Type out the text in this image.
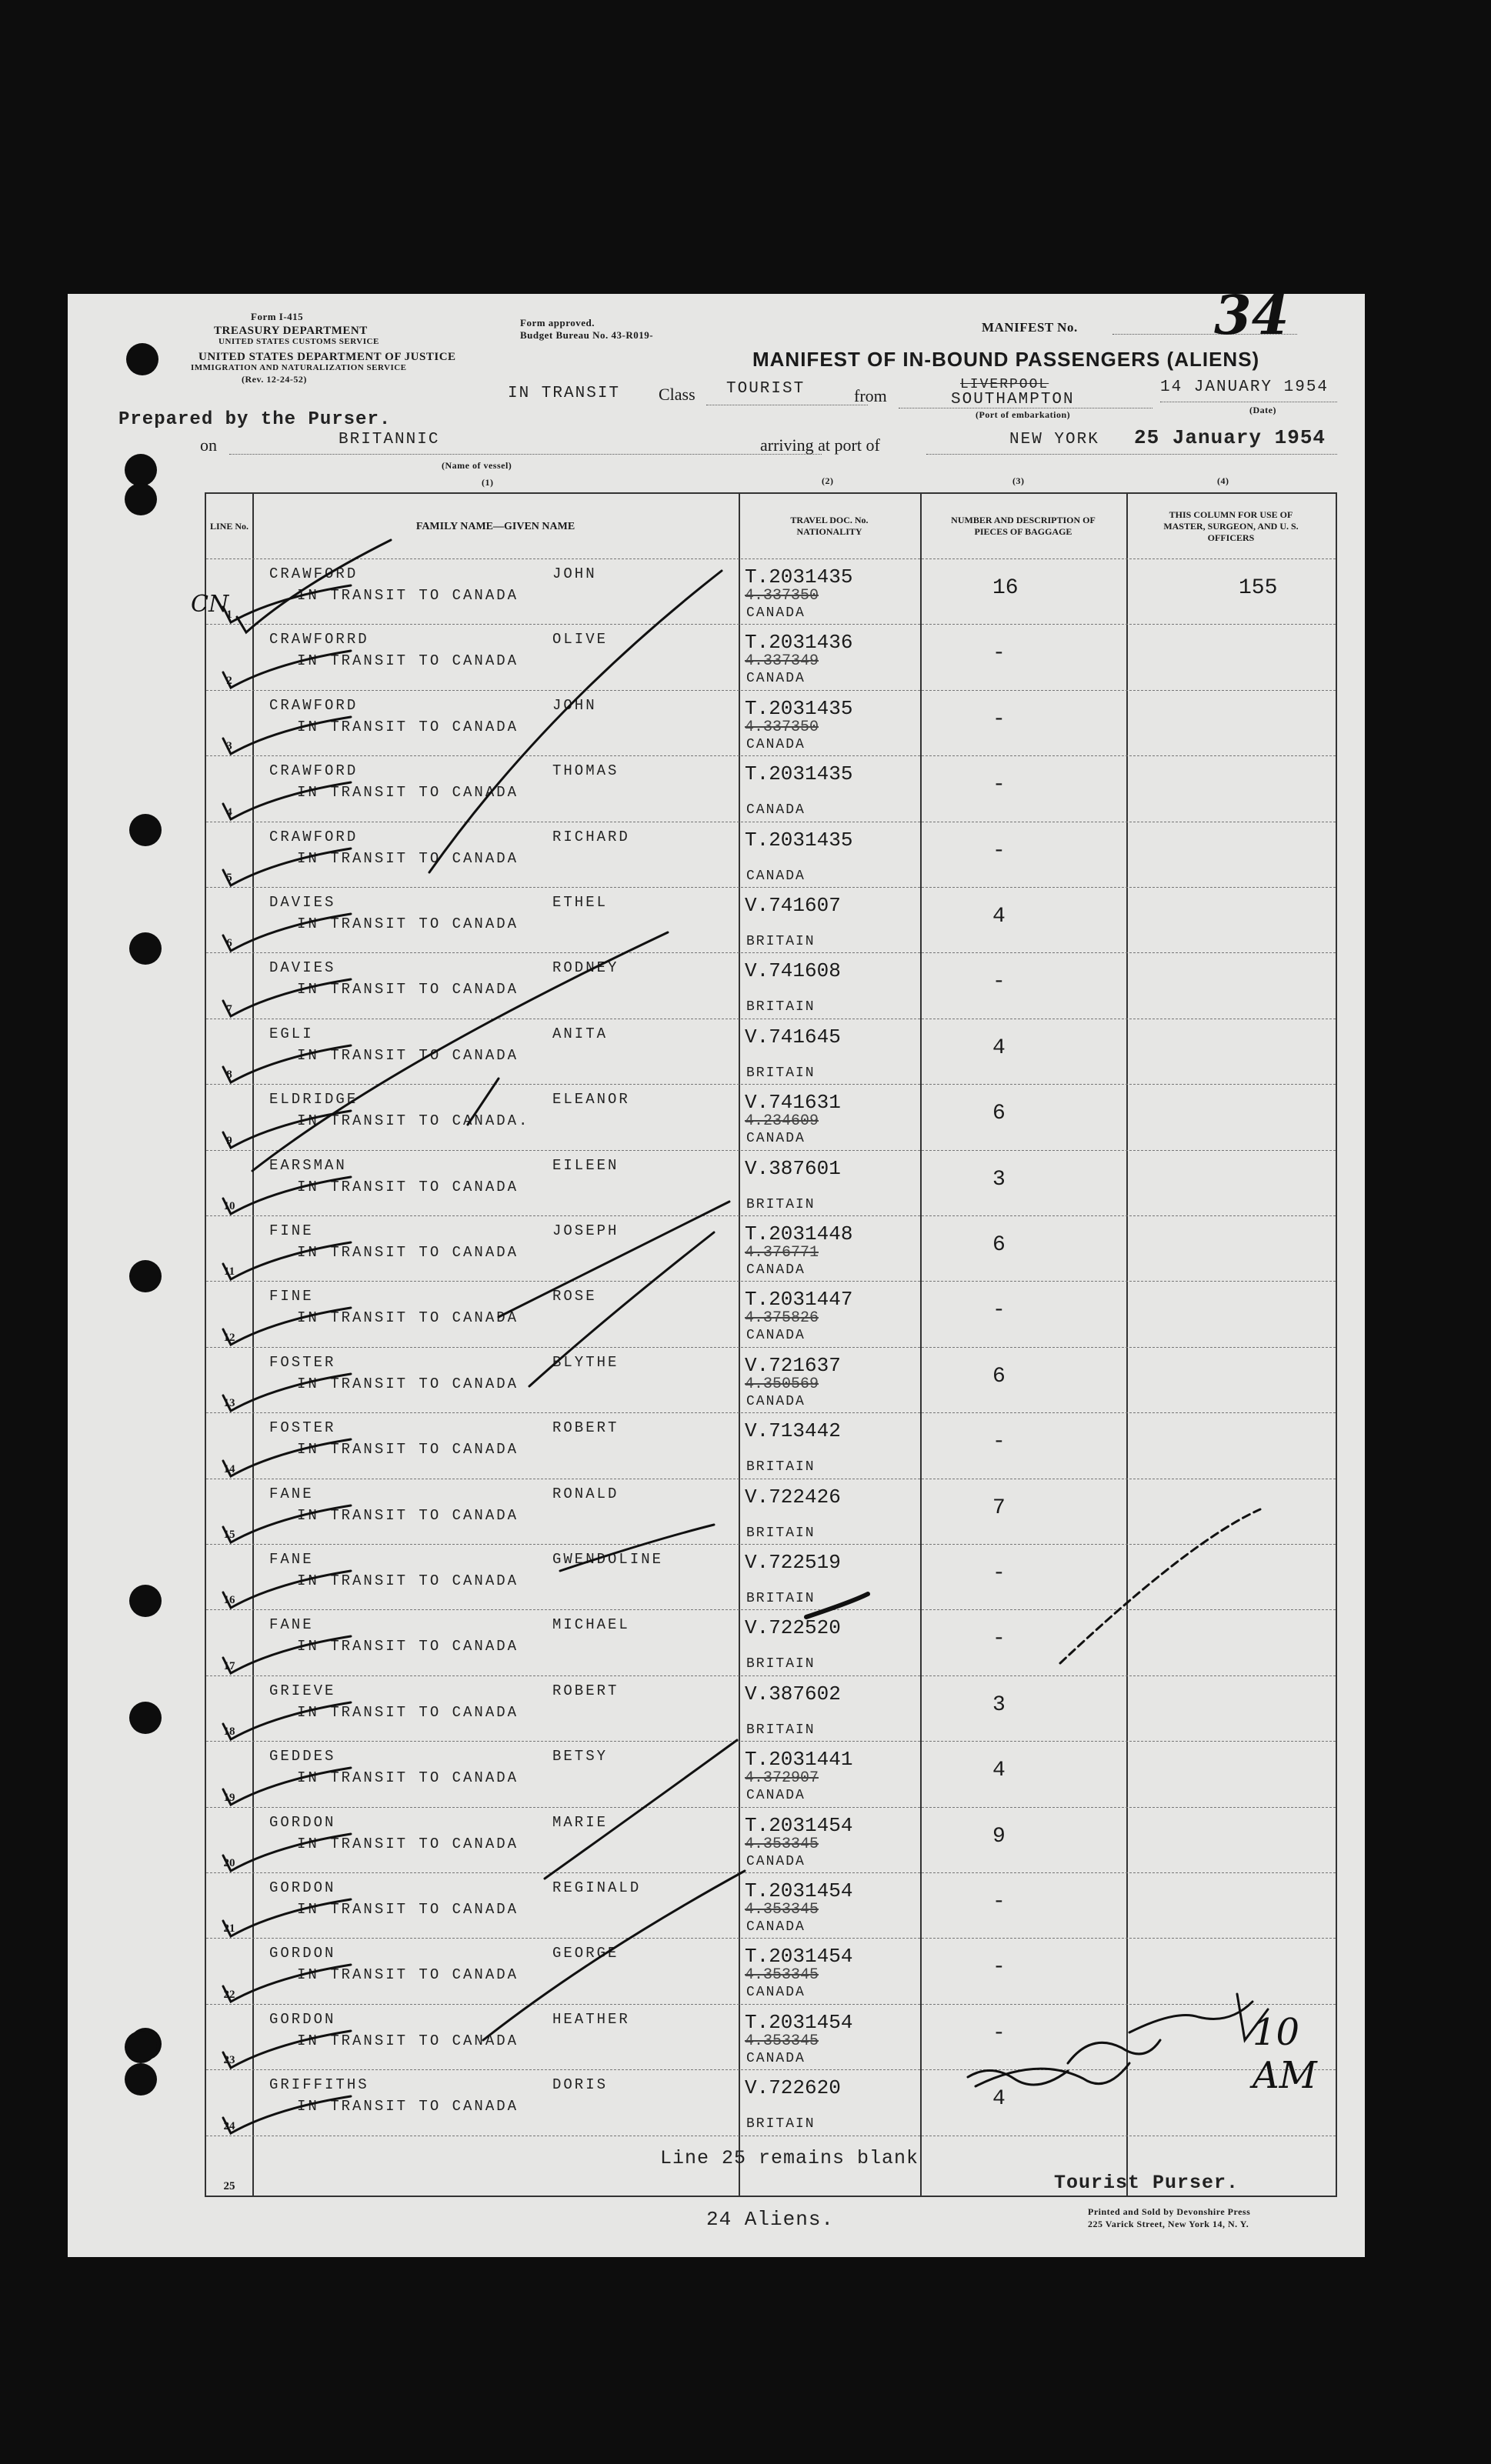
Form I-415
TREASURY DEPARTMENT
UNITED STATES CUSTOMS SERVICE
UNITED STATES DEPARTMENT OF JUSTICE
IMMIGRATION AND NATURALIZATION SERVICE
(Rev. 12-24-52)
Form approved.
Budget Bureau No. 43-R019-
MANIFEST No.	34
MANIFEST OF IN-BOUND PASSENGERS (ALIENS)
IN TRANSIT Class TOURIST	from
LIVERPOOL
SOUTHAMPTON
(Port of embarkation)
14 JANUARY 1954
(Date)
Prepared by the Purser.
on	BRITANNIC
(Name of vessel)
arriving at port of	NEW YORK 25 January 1954
(1)	(2)	(3)	(4)
LINE No.	FAMILY NAME—GIVEN NAME
TRAVEL DOC. No. NATIONALITY
NUMBER AND DESCRIPTION OF PIECES OF BAGGAGE
THIS COLUMN FOR USE OF MASTER, SURGEON, AND U. S. OFFICERS
1
CRAWFORD	JOHN
IN TRANSIT TO CANADA
T.2031435
4.337350
CANADA
16	155
2
CRAWFORRD	OLIVE
IN TRANSIT TO CANADA
T.2031436
4.337349
CANADA
-
3
CRAWFORD	JOHN
IN TRANSIT TO CANADA
T.2031435
4.337350
CANADA
-
4
CRAWFORD	THOMAS
IN TRANSIT TO CANADA
T.2031435
CANADA
-
5
CRAWFORD	RICHARD
IN TRANSIT TO CANADA
T.2031435
CANADA
-
6
DAVIES	ETHEL
IN TRANSIT TO CANADA
V.741607
BRITAIN
4
7
DAVIES	RODNEY
IN TRANSIT TO CANADA
V.741608
BRITAIN
-
8
EGLI	ANITA
IN TRANSIT TO CANADA
V.741645
BRITAIN
4
9
ELDRIDGE	ELEANOR
IN TRANSIT TO CANADA.
V.741631
4.234609
CANADA
6
10
EARSMAN	EILEEN
IN TRANSIT TO CANADA
V.387601
BRITAIN
3
11
FINE	JOSEPH
IN TRANSIT TO CANADA
T.2031448
4.376771
CANADA
6
12
FINE	ROSE
IN TRANSIT TO CANADA
T.2031447
4.375826
CANADA
-
13
FOSTER	BLYTHE
IN TRANSIT TO CANADA
V.721637
4.350569
CANADA
6
14
FOSTER	ROBERT
IN TRANSIT TO CANADA
V.713442
BRITAIN
-
15
FANE	RONALD
IN TRANSIT TO CANADA
V.722426
BRITAIN
7
16
FANE	GWENDOLINE
IN TRANSIT TO CANADA
V.722519
BRITAIN
-
17
FANE	MICHAEL
IN TRANSIT TO CANADA
V.722520
BRITAIN
-
18
GRIEVE	ROBERT
IN TRANSIT TO CANADA
V.387602
BRITAIN
3
19
GEDDES	BETSY
IN TRANSIT TO CANADA
T.2031441
4.372907
CANADA
4
20
GORDON	MARIE
IN TRANSIT TO CANADA
T.2031454
4.353345
CANADA
9
21
GORDON	REGINALD
IN TRANSIT TO CANADA
T.2031454
4.353345
CANADA
-
22
GORDON	GEORGE
IN TRANSIT TO CANADA
T.2031454
4.353345
CANADA
-
23
GORDON	HEATHER
IN TRANSIT TO CANADA
T.2031454
4.353345
CANADA
-
24
GRIFFITHS	DORIS
IN TRANSIT TO CANADA
V.722620
BRITAIN
4
25
Line 25 remains blank
Tourist Purser.
24 Aliens.	Printed and Sold by Devonshire Press
225 Varick Street, New York 14, N. Y.
CN
10 AM
